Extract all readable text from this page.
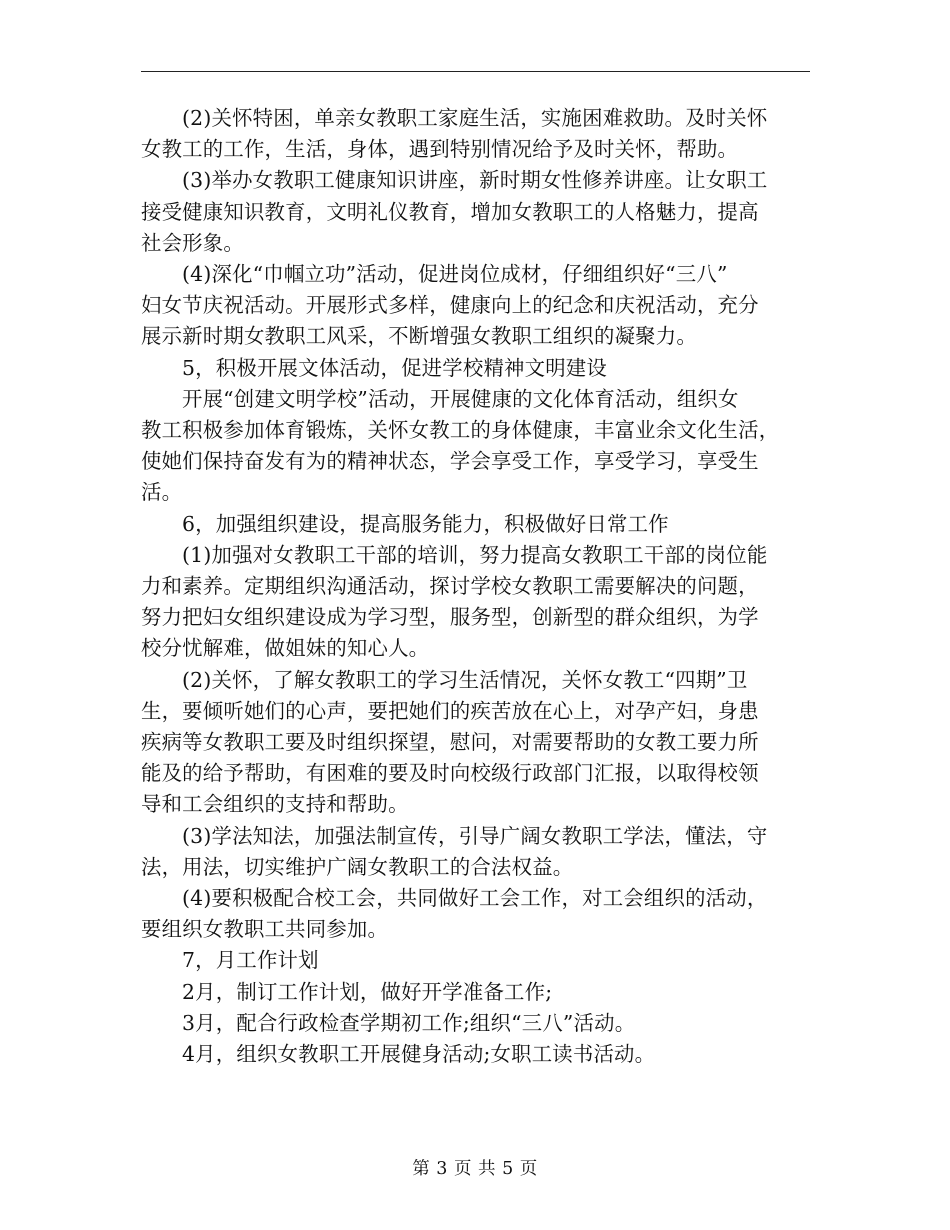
(2)关怀特困，单亲女教职工家庭生活，实施困难救助。及时关怀
女教工的工作，生活，身体，遇到特别情况给予及时关怀，帮助。
(3)举办女教职工健康知识讲座，新时期女性修养讲座。让女职工
接受健康知识教育，文明礼仪教育，增加女教职工的人格魅力，提高
社会形象。
(4)深化“巾帼立功”活动，促进岗位成材，仔细组织好“三八”
妇女节庆祝活动。开展形式多样，健康向上的纪念和庆祝活动，充分
展示新时期女教职工风采，不断增强女教职工组织的凝聚力。
5，积极开展文体活动，促进学校精神文明建设
开展“创建文明学校”活动，开展健康的文化体育活动，组织女
教工积极参加体育锻炼，关怀女教工的身体健康，丰富业余文化生活，
使她们保持奋发有为的精神状态，学会享受工作，享受学习，享受生
活。
6，加强组织建设，提高服务能力，积极做好日常工作
(1)加强对女教职工干部的培训，努力提高女教职工干部的岗位能
力和素养。定期组织沟通活动，探讨学校女教职工需要解决的问题，
努力把妇女组织建设成为学习型，服务型，创新型的群众组织，为学
校分忧解难，做姐妹的知心人。
(2)关怀，了解女教职工的学习生活情况，关怀女教工“四期”卫
生，要倾听她们的心声，要把她们的疾苦放在心上，对孕产妇，身患
疾病等女教职工要及时组织探望，慰问，对需要帮助的女教工要力所
能及的给予帮助，有困难的要及时向校级行政部门汇报，以取得校领
导和工会组织的支持和帮助。
(3)学法知法，加强法制宣传，引导广阔女教职工学法，懂法，守
法，用法，切实维护广阔女教职工的合法权益。
(4)要积极配合校工会，共同做好工会工作，对工会组织的活动，
要组织女教职工共同参加。
7，月工作计划
2月，制订工作计划，做好开学准备工作;
3月，配合行政检查学期初工作;组织“三八”活动。
4月，组织女教职工开展健身活动;女职工读书活动。
第 3 页 共 5 页
